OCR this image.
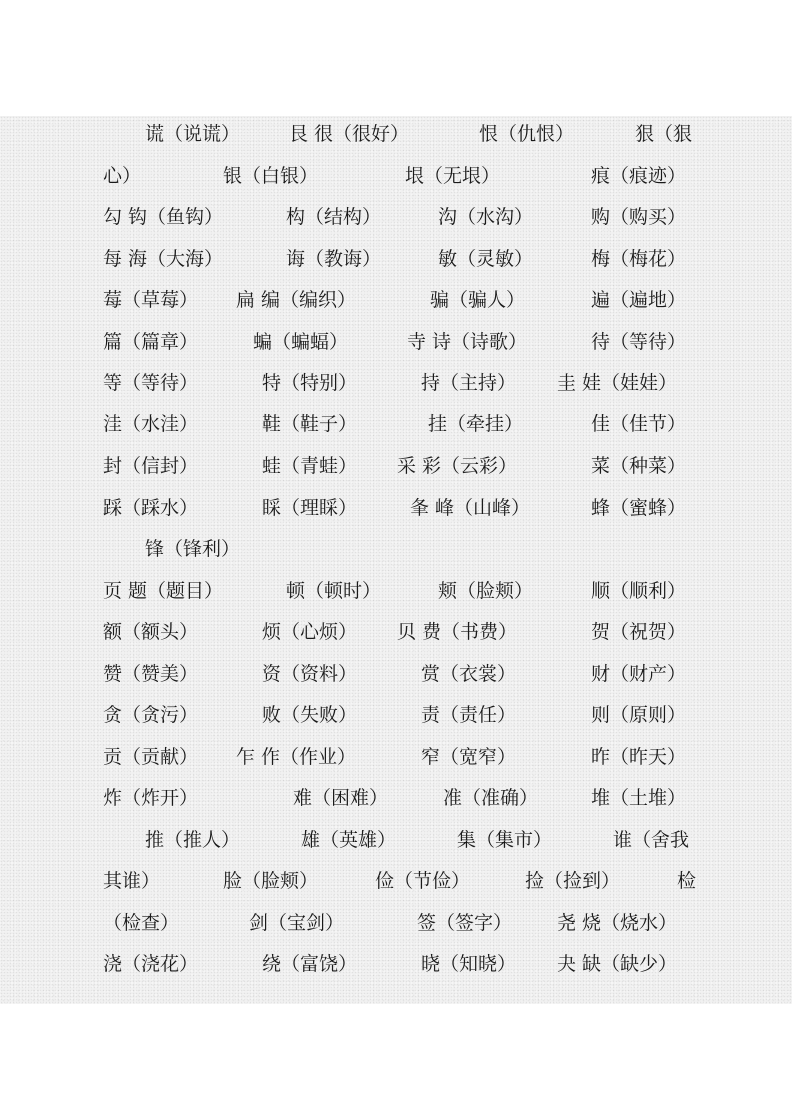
谎（说谎）	艮 很（很好）	恨（仇恨）	狠（狠
心）	银（白银）	垠（无垠）	痕（痕迹）
勾 钩（鱼钩）	构（结构）	沟（水沟）	购（购买）
每 海（大海）	诲（教诲）	敏（灵敏）	梅（梅花）
莓（草莓） 扁 编（编织）	骗（骗人）	遍（遍地）
篇（篇章）	蝙（蝙蝠）	寺 诗（诗歌）	待（等待）
等（等待）	特（特别）	持（主持） 圭 娃（娃娃）
洼（水洼）	鞋（鞋子）	挂（牵挂）	佳（佳节）
封（信封）	蛙（青蛙） 采 彩（云彩）	菜（种菜）
踩（踩水）	睬（理睬）	夆 峰（山峰）	蜂（蜜蜂）
锋（锋利）
页 题（题目）	顿（顿时）	颊（脸颊）	顺（顺利）
额（额头）	烦（心烦） 贝 费（书费）	贺（祝贺）
赞（赞美）	资（资料）	赏（衣裳）	财（财产）
贪（贪污）	败（失败）	责（责任）	则（原则）
贡（贡献） 乍 作（作业）	窄（宽窄）	昨（昨天）
炸（炸开）	难（困难）	准（准确）	堆（土堆）
推（推人）	雄（英雄）	集（集市）	谁（舍我
其谁）	脸（脸颊）	俭（节俭）	捡（捡到）	检
（检查）	剑（宝剑）	签（签字） 尧 烧（烧水）
浇（浇花）	绕（富饶）	晓（知晓） 夬 缺（缺少）
